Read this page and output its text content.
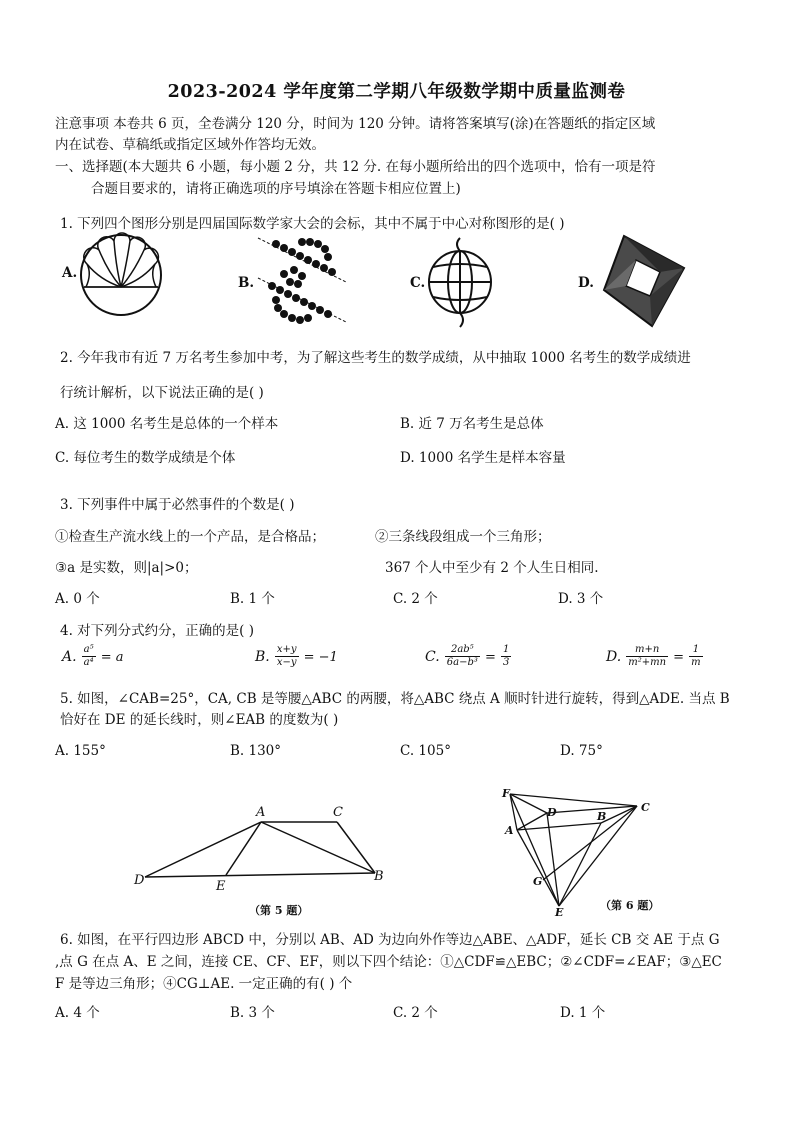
2023-2024 学年度第二学期八年级数学期中质量监测卷
注意事项 本卷共 6 页，全卷满分 120 分，时间为 120 分钟。请将答案填写(涂)在答题纸的指定区域
内在试卷、草稿纸或指定区域外作答均无效。
一、选择题(本大题共 6 小题，每小题 2 分，共 12 分. 在每小题所给出的四个选项中，恰有一项是符
合题目要求的，请将正确选项的序号填涂在答题卡相应位置上)
1. 下列四个图形分别是四届国际数学家大会的会标，其中不属于中心对称图形的是( )
A.
B.	C.	D.
2. 今年我市有近 7 万名考生参加中考，为了解这些考生的数学成绩，从中抽取 1000 名考生的数学成绩进
行统计解析，以下说法正确的是( )
A. 这 1000 名考生是总体的一个样本	B. 近 7 万名考生是总体
C. 每位考生的数学成绩是个体	D. 1000 名学生是样本容量
3. 下列事件中属于必然事件的个数是( )
①检查生产流水线上的一个产品，是合格品；	②三条线段组成一个三角形；
③a 是实数，则|a|>0；	367 个人中至少有 2 个人生日相同.
A. 0 个	B. 1 个	C. 2 个	D. 3 个
4. 对下列分式约分，正确的是( )
A. $\frac{\text{a⁵}}{\text{a⁴}} = a$	B. $\frac{x+y}{x-y} = -1$	C. $\frac{\text{2ab⁵}}{\text{6a−b³}} = \frac{1}{3}$	D. $\frac{m+n}{\text{m²+mn}} = \frac{1}{m}$
5. 如图，∠CAB=25°，CA, CB 是等腰△ABC 的两腰，将△ABC 绕点 A 顺时针进行旋转，得到△ADE. 当点 B
恰好在 DE 的延长线时，则∠EAB 的度数为( )
A. 155°	B. 130°	C. 105°	D. 75°
A	C
D	E
B
（第 5 题）
F
D	C
A
B
G
E
（第 6 题）
6. 如图，在平行四边形 ABCD 中，分别以 AB、AD 为边向外作等边△ABE、△ADF，延长 CB 交 AE 于点 G
,点 G 在点 A、E 之间，连接 CE、CF、EF，则以下四个结论：①△CDF≌△EBC；②∠CDF=∠EAF；③△EC
F 是等边三角形；④CG⊥AE. 一定正确的有( ) 个
A. 4 个	B. 3 个	C. 2 个	D. 1 个
